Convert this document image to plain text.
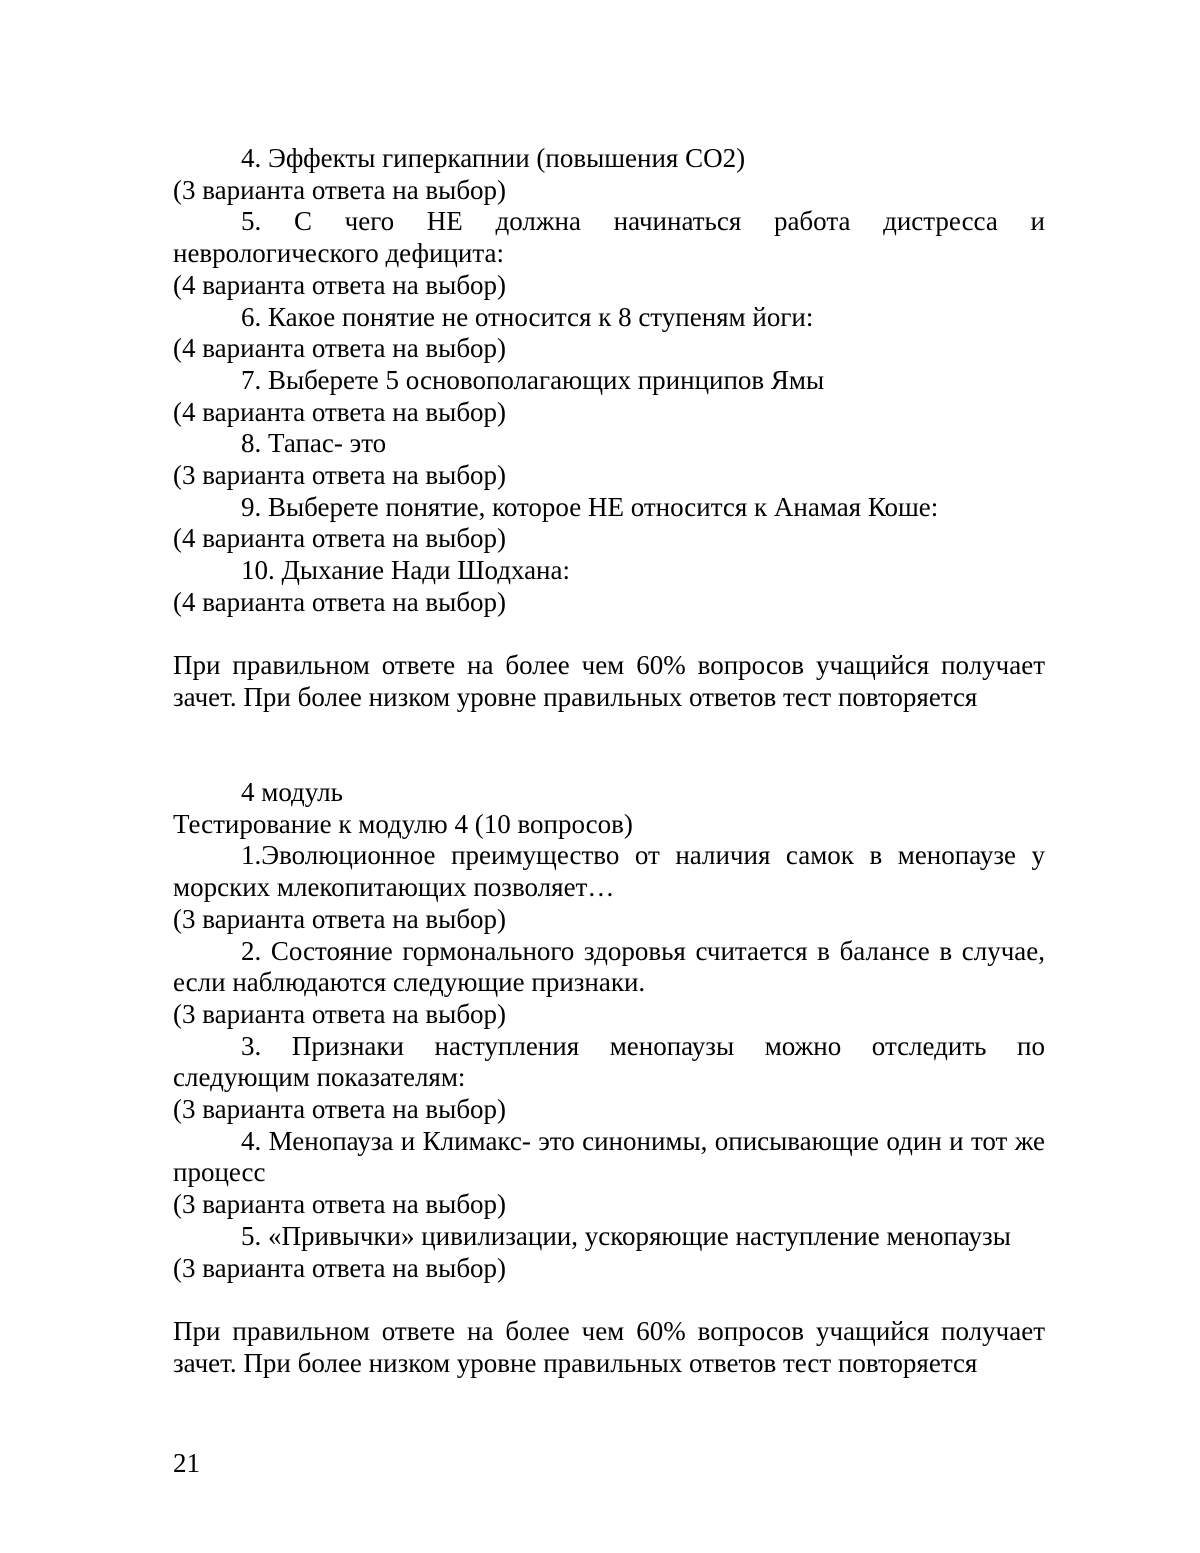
4. Эффекты гиперкапнии (повышения СО2)

(3 варианта ответа на выбор)

5. С чего НЕ должна начинаться работа дистресса и неврологического дефицита:

(4 варианта ответа на выбор)

6. Какое понятие не относится к 8 ступеням йоги:

(4 варианта ответа на выбор)

7. Выберете 5 основополагающих принципов Ямы

(4 варианта ответа на выбор)

8. Тапас- это

(3 варианта ответа на выбор)

9. Выберете понятие, которое НЕ относится к Анамая Коше:

(4 варианта ответа на выбор)

10. Дыхание Нади Шодхана:

(4 варианта ответа на выбор)

При правильном ответе на более чем 60% вопросов учащийся получает зачет. При более низком уровне правильных ответов тест повторяется

4 модуль

Тестирование к модулю 4 (10 вопросов)

1.Эволюционное преимущество от наличия самок в менопаузе у морских млекопитающих позволяет…

(3 варианта ответа на выбор)

2. Состояние гормонального здоровья считается в балансе в случае, если наблюдаются следующие признаки.

(3 варианта ответа на выбор)

3. Признаки наступления менопаузы можно отследить по следующим показателям:

(3 варианта ответа на выбор)

4. Менопауза и Климакс- это синонимы, описывающие один и тот же процесс

(3 варианта ответа на выбор)

5. «Привычки» цивилизации, ускоряющие наступление менопаузы

(3 варианта ответа на выбор)

При правильном ответе на более чем 60% вопросов учащийся получает зачет. При более низком уровне правильных ответов тест повторяется

21
